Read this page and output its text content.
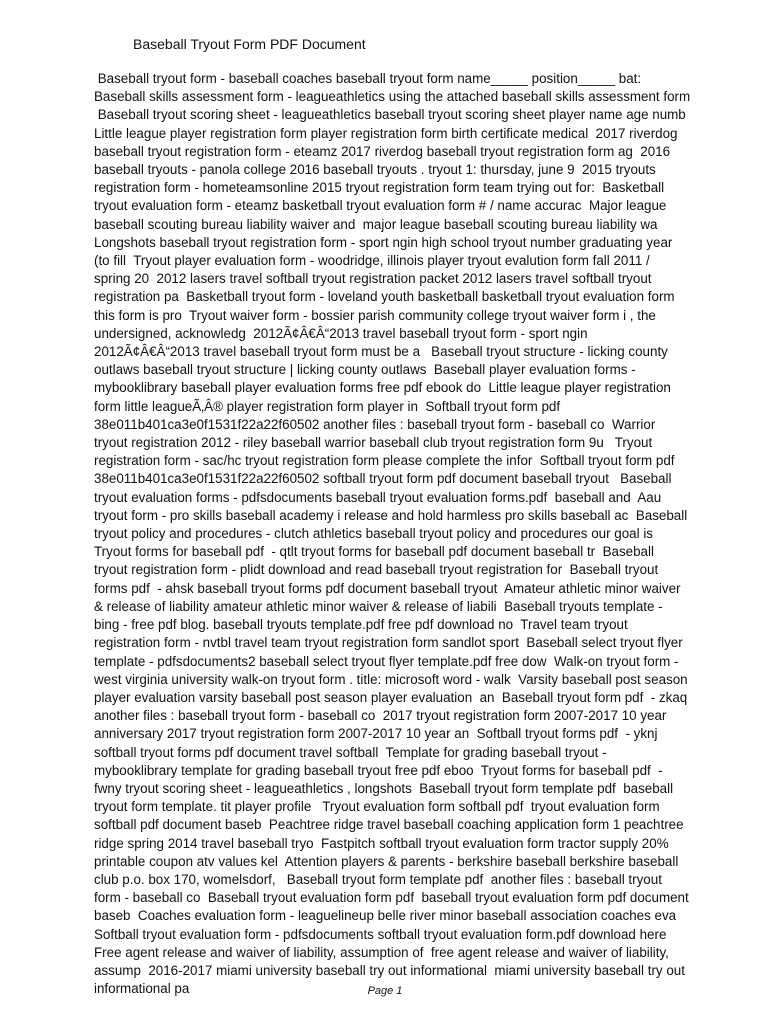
Baseball Tryout Form PDF Document
Baseball tryout form - baseball coaches baseball tryout form name_____ position_____ bat:
Baseball skills assessment form - leagueathletics using the attached baseball skills assessment form
Baseball tryout scoring sheet - leagueathletics baseball tryout scoring sheet player name age numb
Little league player registration form player registration form birth certificate medical  2017 riverdog
baseball tryout registration form - eteamz 2017 riverdog baseball tryout registration form ag  2016
baseball tryouts - panola college 2016 baseball tryouts . tryout 1: thursday, june 9  2015 tryouts
registration form - hometeamsonline 2015 tryout registration form team trying out for:  Basketball
tryout evaluation form - eteamz basketball tryout evaluation form # / name accurac  Major league
baseball scouting bureau liability waiver and  major league baseball scouting bureau liability wa
Longshots baseball tryout registration form - sport ngin high school tryout number graduating year
(to fill  Tryout player evaluation form - woodridge, illinois player tryout evalution form fall 2011 /
spring 20  2012 lasers travel softball tryout registration packet 2012 lasers travel softball tryout
registration pa  Basketball tryout form - loveland youth basketball basketball tryout evaluation form
this form is pro  Tryout waiver form - bossier parish community college tryout waiver form i , the
undersigned, acknowledg  2012Ã¢Â€Â“2013 travel baseball tryout form - sport ngin
2012Ã¢Â€Â“2013 travel baseball tryout form must be a   Baseball tryout structure - licking county
outlaws baseball tryout structure | licking county outlaws  Baseball player evaluation forms -
mybooklibrary baseball player evaluation forms free pdf ebook do  Little league player registration
form little leagueÃ‚Â® player registration form player in  Softball tryout form pdf
38e011b401ca3e0f1531f22a22f60502 another files : baseball tryout form - baseball co  Warrior
tryout registration 2012 - riley baseball warrior baseball club tryout registration form 9u   Tryout
registration form - sac/hc tryout registration form please complete the infor  Softball tryout form pdf
38e011b401ca3e0f1531f22a22f60502 softball tryout form pdf document baseball tryout   Baseball
tryout evaluation forms - pdfsdocuments baseball tryout evaluation forms.pdf  baseball and  Aau
tryout form - pro skills baseball academy i release and hold harmless pro skills baseball ac  Baseball
tryout policy and procedures - clutch athletics baseball tryout policy and procedures our goal is
Tryout forms for baseball pdf  - qtlt tryout forms for baseball pdf document baseball tr  Baseball
tryout registration form - plidt download and read baseball tryout registration for  Baseball tryout
forms pdf  - ahsk baseball tryout forms pdf document baseball tryout  Amateur athletic minor waiver
& release of liability amateur athletic minor waiver & release of liabili  Baseball tryouts template -
bing - free pdf blog. baseball tryouts template.pdf free pdf download no  Travel team tryout
registration form - nvtbl travel team tryout registration form sandlot sport  Baseball select tryout flyer
template - pdfsdocuments2 baseball select tryout flyer template.pdf free dow  Walk-on tryout form -
west virginia university walk-on tryout form . title: microsoft word - walk  Varsity baseball post season
player evaluation varsity baseball post season player evaluation  an  Baseball tryout form pdf  - zkaq
another files : baseball tryout form - baseball co  2017 tryout registration form 2007-2017 10 year
anniversary 2017 tryout registration form 2007-2017 10 year an  Softball tryout forms pdf  - yknj
softball tryout forms pdf document travel softball  Template for grading baseball tryout -
mybooklibrary template for grading baseball tryout free pdf eboo  Tryout forms for baseball pdf  -
fwny tryout scoring sheet - leagueathletics , longshots  Baseball tryout form template pdf  baseball
tryout form template. tit player profile   Tryout evaluation form softball pdf  tryout evaluation form
softball pdf document baseb  Peachtree ridge travel baseball coaching application form 1 peachtree
ridge spring 2014 travel baseball tryo  Fastpitch softball tryout evaluation form tractor supply 20%
printable coupon atv values kel  Attention players & parents - berkshire baseball berkshire baseball
club p.o. box 170, womelsdorf,   Baseball tryout form template pdf  another files : baseball tryout
form - baseball co  Baseball tryout evaluation form pdf  baseball tryout evaluation form pdf document
baseb  Coaches evaluation form - leaguelineup belle river minor baseball association coaches eva
Softball tryout evaluation form - pdfsdocuments softball tryout evaluation form.pdf download here
Free agent release and waiver of liability, assumption of  free agent release and waiver of liability,
assump  2016-2017 miami university baseball try out informational  miami university baseball try out
informational pa	Page 1
